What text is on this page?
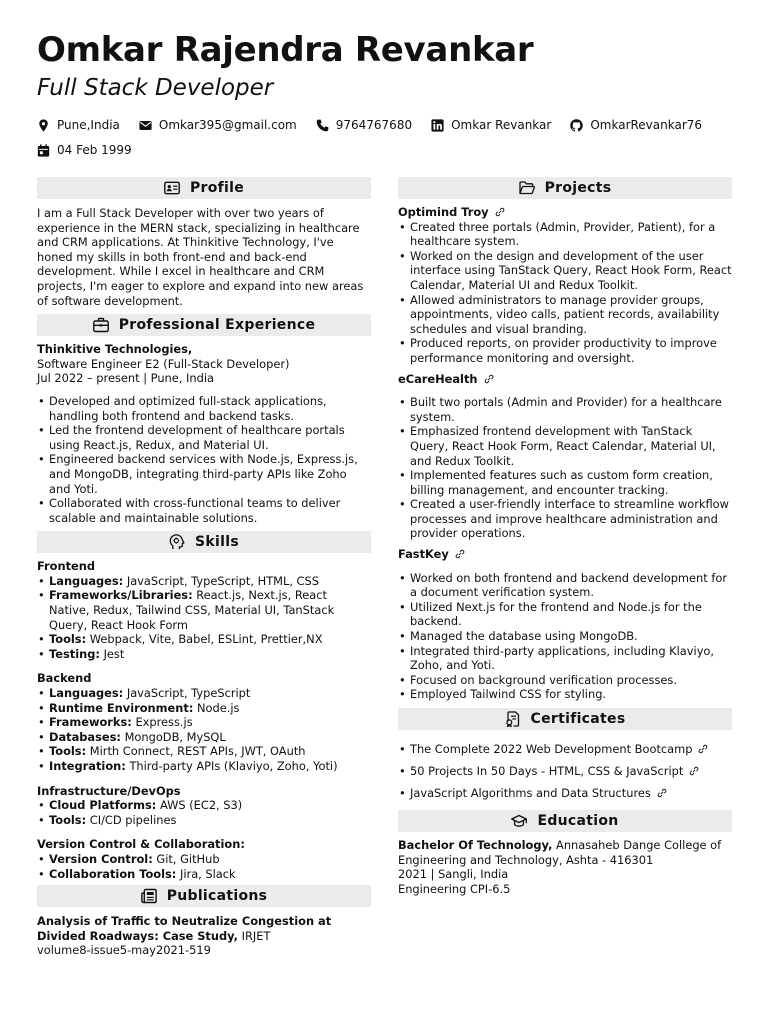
Omkar Rajendra Revankar
Full Stack Developer
Pune,India	Omkar395@gmail.com	9764767680	Omkar Revankar	OmkarRevankar76
04 Feb 1999
Profile
I am a Full Stack Developer with over two years of experience in the MERN stack, specializing in healthcare and CRM applications. At Thinkitive Technology, I've honed my skills in both front-end and back-end development. While I excel in healthcare and CRM projects, I'm eager to explore and expand into new areas of software development.
Professional Experience
Thinkitive Technologies,
Software Engineer E2 (Full-Stack Developer)
Jul 2022 – present | Pune, India
• Developed and optimized full-stack applications, handling both frontend and backend tasks.
• Led the frontend development of healthcare portals using React.js, Redux, and Material UI.
• Engineered backend services with Node.js, Express.js, and MongoDB, integrating third-party APIs like Zoho and Yoti.
• Collaborated with cross-functional teams to deliver scalable and maintainable solutions.
Skills
Frontend
• Languages: JavaScript, TypeScript, HTML, CSS
• Frameworks/Libraries: React.js, Next.js, React Native, Redux, Tailwind CSS, Material UI, TanStack Query, React Hook Form
• Tools: Webpack, Vite, Babel, ESLint, Prettier,NX
• Testing: Jest
Backend
• Languages: JavaScript, TypeScript
• Runtime Environment: Node.js
• Frameworks: Express.js
• Databases: MongoDB, MySQL
• Tools: Mirth Connect, REST APIs, JWT, OAuth
• Integration: Third-party APIs (Klaviyo, Zoho, Yoti)
Infrastructure/DevOps
• Cloud Platforms: AWS (EC2, S3)
• Tools: CI/CD pipelines
Version Control & Collaboration:
• Version Control: Git, GitHub
• Collaboration Tools: Jira, Slack
Publications
Analysis of Traffic to Neutralize Congestion at Divided Roadways: Case Study, IRJET
volume8-issue5-may2021-519
Projects
Optimind Troy
• Created three portals (Admin, Provider, Patient), for a healthcare system.
• Worked on the design and development of the user interface using TanStack Query, React Hook Form, React Calendar, Material UI and Redux Toolkit.
• Allowed administrators to manage provider groups, appointments, video calls, patient records, availability schedules and visual branding.
• Produced reports, on provider productivity to improve performance monitoring and oversight.
eCareHealth
• Built two portals (Admin and Provider) for a healthcare system.
• Emphasized frontend development with TanStack Query, React Hook Form, React Calendar, Material UI, and Redux Toolkit.
• Implemented features such as custom form creation, billing management, and encounter tracking.
• Created a user-friendly interface to streamline workflow processes and improve healthcare administration and provider operations.
FastKey
• Worked on both frontend and backend development for a document verification system.
• Utilized Next.js for the frontend and Node.js for the backend.
• Managed the database using MongoDB.
• Integrated third-party applications, including Klaviyo, Zoho, and Yoti.
• Focused on background verification processes.
• Employed Tailwind CSS for styling.
Certificates
• The Complete 2022 Web Development Bootcamp
• 50 Projects In 50 Days - HTML, CSS & JavaScript
• JavaScript Algorithms and Data Structures
Education
Bachelor Of Technology, Annasaheb Dange College of Engineering and Technology, Ashta - 416301
2021 | Sangli, India
Engineering CPI-6.5
